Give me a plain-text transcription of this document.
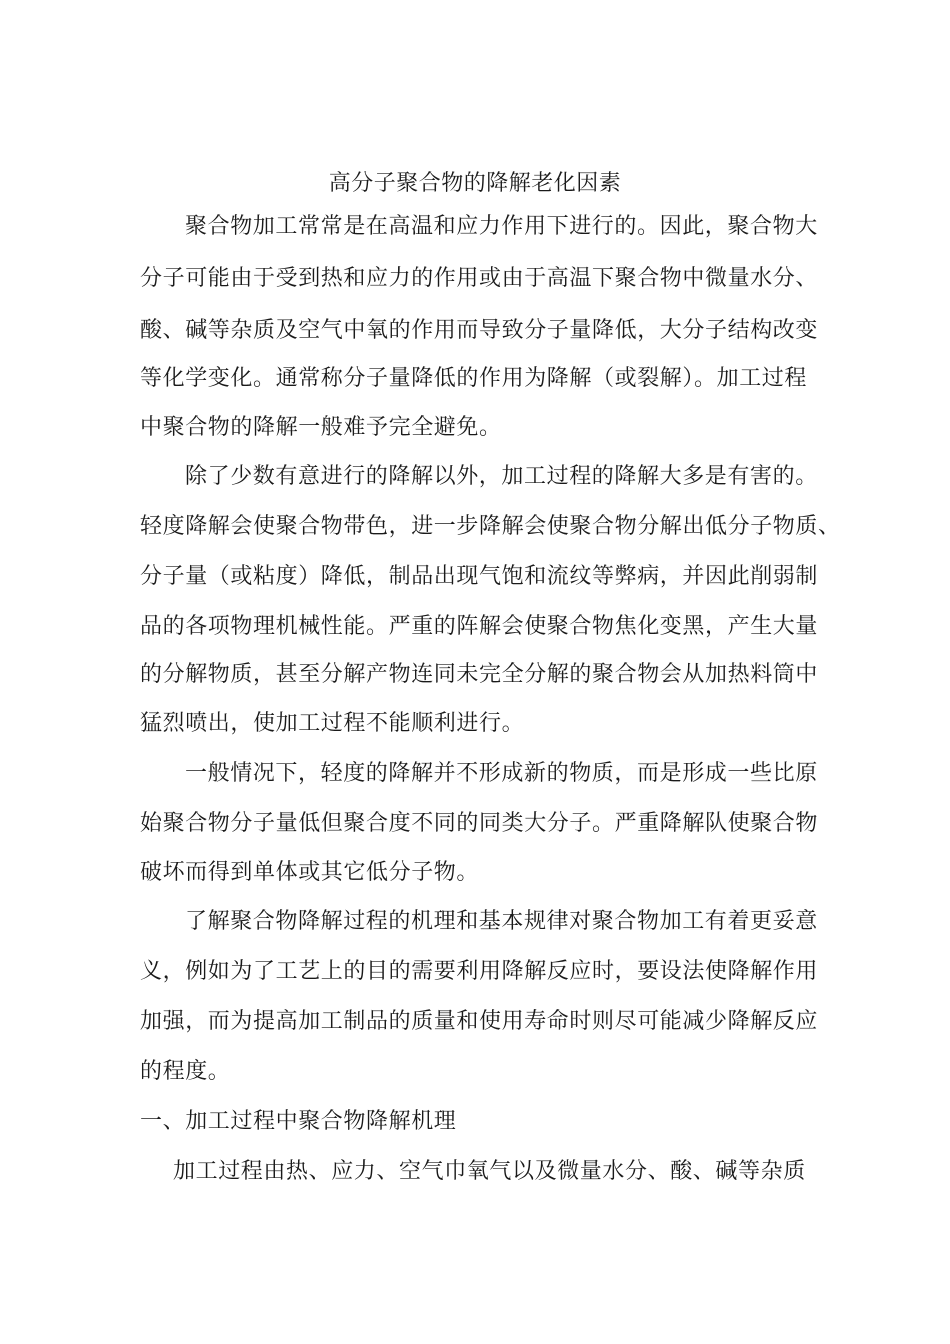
高分子聚合物的降解老化因素
聚合物加工常常是在高温和应力作用下进行的。因此，聚合物大
分子可能由于受到热和应力的作用或由于高温下聚合物中微量水分、
酸、碱等杂质及空气中氧的作用而导致分子量降低，大分子结构改变
等化学变化。通常称分子量降低的作用为降解（或裂解）。加工过程
中聚合物的降解一般难予完全避免。
除了少数有意进行的降解以外，加工过程的降解大多是有害的。
轻度降解会使聚合物带色，进一步降解会使聚合物分解出低分子物质、
分子量（或粘度）降低，制品出现气饱和流纹等弊病，并因此削弱制
品的各项物理机械性能。严重的阵解会使聚合物焦化变黑，产生大量
的分解物质，甚至分解产物连同未完全分解的聚合物会从加热料筒中
猛烈喷出，使加工过程不能顺利进行。
一般情况下，轻度的降解并不形成新的物质，而是形成一些比原
始聚合物分子量低但聚合度不同的同类大分子。严重降解队使聚合物
破坏而得到单体或其它低分子物。
了解聚合物降解过程的机理和基本规律对聚合物加工有着更妥意
义，例如为了工艺上的目的需要利用降解反应时，要设法使降解作用
加强，而为提高加工制品的质量和使用寿命时则尽可能减少降解反应
的程度。
一、加工过程中聚合物降解机理
加工过程由热、应力、空气巾氧气以及微量水分、酸、碱等杂质
